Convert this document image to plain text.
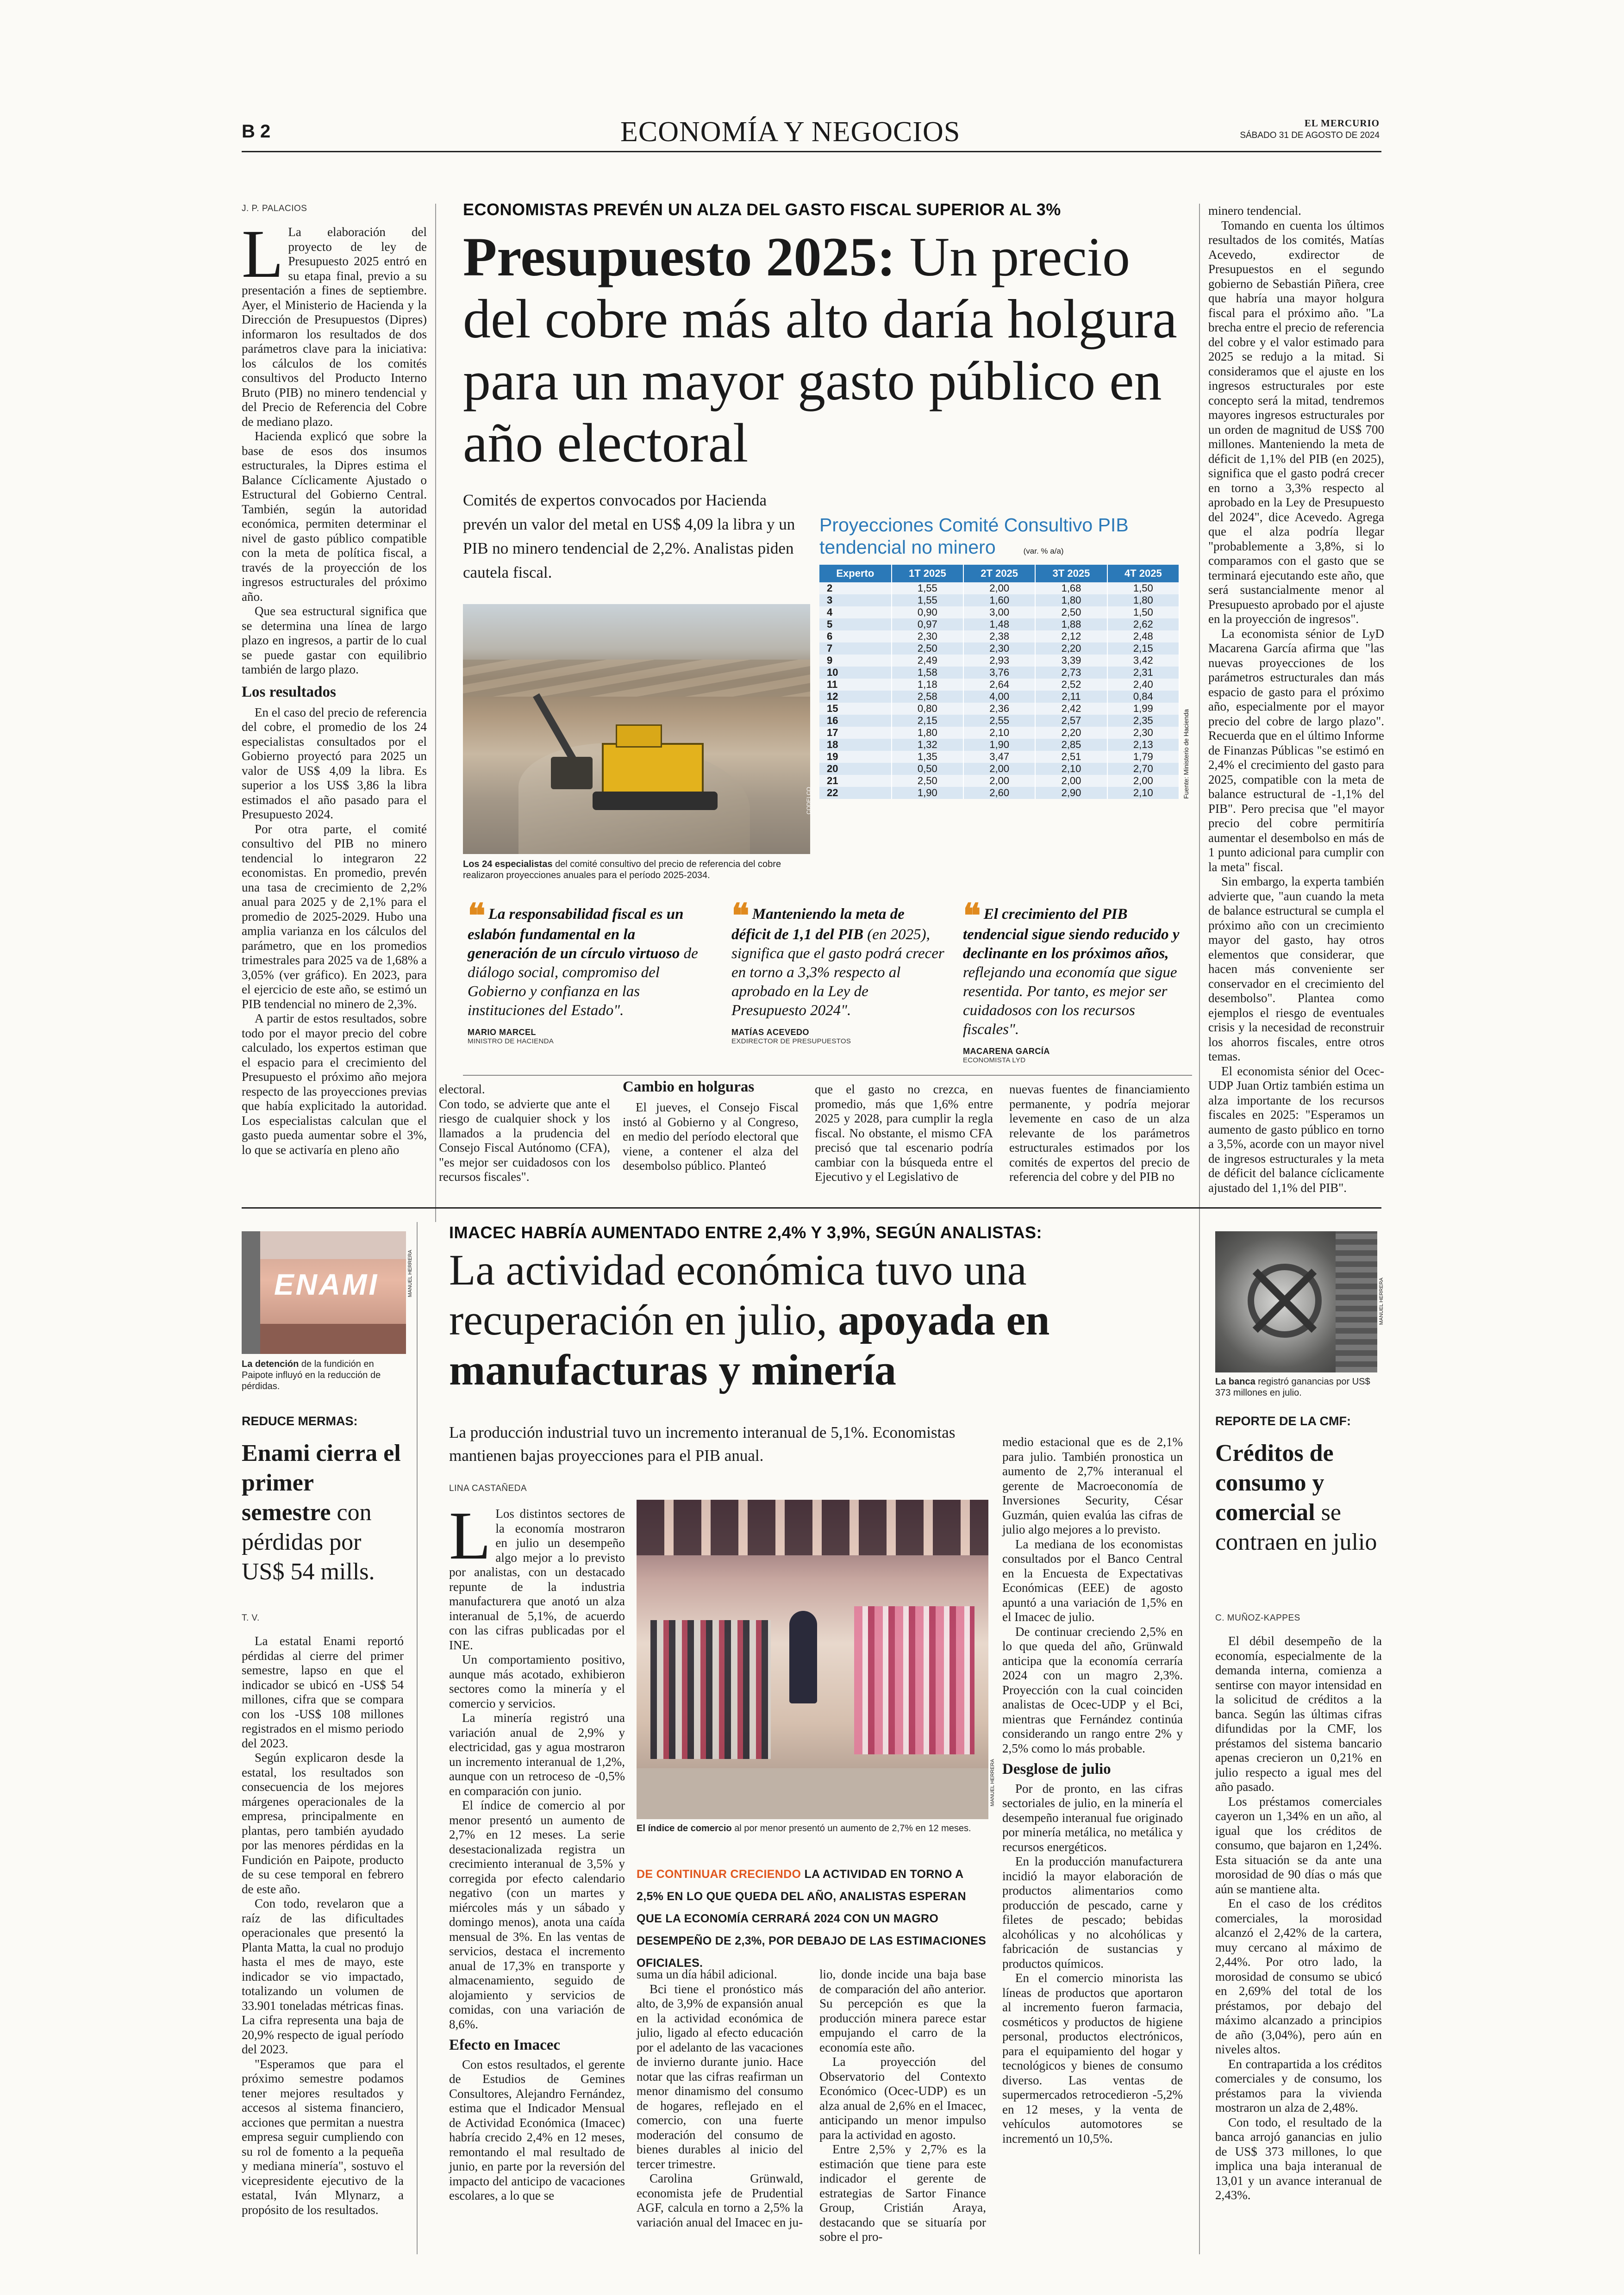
B 2	ECONOMÍA Y NEGOCIOS	EL MERCURIO
SÁBADO 31 DE AGOSTO DE 2024
J. P. PALACIOS

L La elaboración del proyecto de ley de Presupuesto 2025 entró en su etapa final, previo a su presentación a fines de septiembre. Ayer, el Ministerio de Hacienda y la Dirección de Presupuestos (Dipres) informaron los resultados de dos parámetros clave para la iniciativa: los cálculos de los comités consultivos del Producto Interno Bruto (PIB) no minero tendencial y del Precio de Referencia del Cobre de mediano plazo.

Hacienda explicó que sobre la base de esos dos insumos estructurales, la Dipres estima el Balance Cíclicamente Ajustado o Estructural del Gobierno Central. También, según la autoridad económica, permiten determinar el nivel de gasto público compatible con la meta de política fiscal, a través de la proyección de los ingresos estructurales del próximo año.

Que sea estructural significa que se determina una línea de largo plazo en ingresos, a partir de lo cual se puede gastar con equilibrio también de largo plazo.

Los resultados

En el caso del precio de referencia del cobre, el promedio de los 24 especialistas consultados por el Gobierno proyectó para 2025 un valor de US$ 4,09 la libra. Es superior a los US$ 3,86 la libra estimados el año pasado para el Presupuesto 2024.

Por otra parte, el comité consultivo del PIB no minero tendencial lo integraron 22 economistas. En promedio, prevén una tasa de crecimiento de 2,2% anual para 2025 y de 2,1% para el promedio de 2025-2029. Hubo una amplia varianza en los cálculos del parámetro, que en los promedios trimestrales para 2025 va de 1,68% a 3,05% (ver gráfico). En 2023, para el ejercicio de este año, se estimó un PIB tendencial no minero de 2,3%.

A partir de estos resultados, sobre todo por el mayor precio del cobre calculado, los expertos estiman que el espacio para el crecimiento del Presupuesto el próximo año mejora respecto de las proyecciones previas que había explicitado la autoridad. Los especialistas calculan que el gasto pueda aumentar sobre el 3%, lo que se activaría en pleno año

ECONOMISTAS PREVÉN UN ALZA DEL GASTO FISCAL SUPERIOR AL 3%
Presupuesto 2025: Un precio del cobre más alto daría holgura para un mayor gasto público en año electoral
Comités de expertos convocados por Hacienda prevén un valor del metal en US$ 4,09 la libra y un PIB no minero tendencial de 2,2%. Analistas piden cautela fiscal.
CODELCO
Los 24 especialistas del comité consultivo del precio de referencia del cobre realizaron proyecciones anuales para el período 2025-2034.
Proyecciones Comité Consultivo PIB
tendencial no minero	(var. % a/a)
Experto	1T 2025	2T 2025	3T 2025	4T 2025
2	1,55	2,00	1,68	1,50
3	1,55	1,60	1,80	1,80
4	0,90	3,00	2,50	1,50
5	0,97	1,48	1,88	2,62
6	2,30	2,38	2,12	2,48
7	2,50	2,30	2,20	2,15
9	2,49	2,93	3,39	3,42
10	1,58	3,76	2,73	2,31
11	1,18	2,64	2,52	2,40
12	2,58	4,00	2,11	0,84
15	0,80	2,36	2,42	1,99
16	2,15	2,55	2,57	2,35
17	1,80	2,10	2,20	2,30
18	1,32	1,90	2,85	2,13
19	1,35	3,47	2,51	1,79
20	0,50	2,00	2,10	2,70
21	2,50	2,00	2,00	2,00
22	1,90	2,60	2,90	2,10	Fuente: Ministerio de Hacienda
❝ La responsabilidad fiscal es un eslabón fundamental en la generación de un círculo virtuoso de diálogo social, compromiso del Gobierno y confianza en las instituciones del Estado".
MARIO MARCEL
MINISTRO DE HACIENDA
❝ Manteniendo la meta de déficit de 1,1 del PIB (en 2025), significa que el gasto podrá crecer en torno a 3,3% respecto al aprobado en la Ley de Presupuesto 2024".
MATÍAS ACEVEDO
EXDIRECTOR DE PRESUPUESTOS
❝ El crecimiento del PIB tendencial sigue siendo reducido y declinante en los próximos años, reflejando una economía que sigue resentida. Por tanto, es mejor ser cuidadosos con los recursos fiscales".
MACARENA GARCÍA
ECONOMISTA LYD
electoral.
Con todo, se advierte que ante el riesgo de cualquier shock y los llamados a la prudencia del Consejo Fiscal Autónomo (CFA), "es mejor ser cuidadosos con los recursos fiscales".
Cambio en holguras

El jueves, el Consejo Fiscal instó al Gobierno y al Congreso, en medio del período electoral que viene, a contener el alza del desembolso público. Planteó

que el gasto no crezca, en promedio, más que 1,6% entre 2025 y 2028, para cumplir la regla fiscal. No obstante, el mismo CFA precisó que tal escenario podría cambiar con la búsqueda entre el Ejecutivo y el Legislativo de
nuevas fuentes de financiamiento permanente, y podría mejorar levemente en caso de un alza relevante de los parámetros estructurales estimados por los comités de expertos del precio de referencia del cobre y del PIB no

minero tendencial.

Tomando en cuenta los últimos resultados de los comités, Matías Acevedo, exdirector de Presupuestos en el segundo gobierno de Sebastián Piñera, cree que habría una mayor holgura fiscal para el próximo año. "La brecha entre el precio de referencia del cobre y el valor estimado para 2025 se redujo a la mitad. Si consideramos que el ajuste en los ingresos estructurales por este concepto será la mitad, tendremos mayores ingresos estructurales por un orden de magnitud de US$ 700 millones. Manteniendo la meta de déficit de 1,1% del PIB (en 2025), significa que el gasto podrá crecer en torno a 3,3% respecto al aprobado en la Ley de Presupuesto del 2024", dice Acevedo. Agrega que el alza podría llegar "probablemente a 3,8%, si lo comparamos con el gasto que se terminará ejecutando este año, que será sustancialmente menor al Presupuesto aprobado por el ajuste en la proyección de ingresos".

La economista sénior de LyD Macarena García afirma que "las nuevas proyecciones de los parámetros estructurales dan más espacio de gasto para el próximo año, especialmente por el mayor precio del cobre de largo plazo". Recuerda que en el último Informe de Finanzas Públicas "se estimó en 2,4% el crecimiento del gasto para 2025, compatible con la meta de balance estructural de -1,1% del PIB". Pero precisa que "el mayor precio del cobre permitiría aumentar el desembolso en más de 1 punto adicional para cumplir con la meta" fiscal.

Sin embargo, la experta también advierte que, "aun cuando la meta de balance estructural se cumpla el próximo año con un crecimiento mayor del gasto, hay otros elementos que considerar, que hacen más conveniente ser conservador en el crecimiento del desembolso". Plantea como ejemplos el riesgo de eventuales crisis y la necesidad de reconstruir los ahorros fiscales, entre otros temas.

El economista sénior del Ocec-UDP Juan Ortiz también estima un alza importante de los recursos fiscales en 2025: "Esperamos un aumento de gasto público en torno a 3,5%, acorde con un mayor nivel de ingresos estructurales y la meta de déficit del balance cíclicamente ajustado del 1,1% del PIB".

ENAMI	MANUEL HERRERA
La detención de la fundición en Paipote influyó en la reducción de pérdidas.
REDUCE MERMAS:
Enami cierra el primer semestre con pérdidas por US$ 54 mills.
T. V.

La estatal Enami reportó pérdidas al cierre del primer semestre, lapso en que el indicador se ubicó en -US$ 54 millones, cifra que se compara con los -US$ 108 millones registrados en el mismo periodo del 2023.

Según explicaron desde la estatal, los resultados son consecuencia de los mejores márgenes operacionales de la empresa, principalmente en plantas, pero también ayudado por las menores pérdidas en la Fundición en Paipote, producto de su cese temporal en febrero de este año.

Con todo, revelaron que a raíz de las dificultades operacionales que presentó la Planta Matta, la cual no produjo hasta el mes de mayo, este indicador se vio impactado, totalizando un volumen de 33.901 toneladas métricas finas. La cifra representa una baja de 20,9% respecto de igual período del 2023.

"Esperamos que para el próximo semestre podamos tener mejores resultados y accesos al sistema financiero, acciones que permitan a nuestra empresa seguir cumpliendo con su rol de fomento a la pequeña y mediana minería", sostuvo el vicepresidente ejecutivo de la estatal, Iván Mlynarz, a propósito de los resultados.

IMACEC HABRÍA AUMENTADO ENTRE 2,4% Y 3,9%, SEGÚN ANALISTAS:
La actividad económica tuvo una recuperación en julio, apoyada en manufacturas y minería
La producción industrial tuvo un incremento interanual de 5,1%. Economistas mantienen bajas proyecciones para el PIB anual.
LINA CASTAÑEDA

L Los distintos sectores de la economía mostraron en julio un desempeño algo mejor a lo previsto por analistas, con un destacado repunte de la industria manufacturera que anotó un alza interanual de 5,1%, de acuerdo con las cifras publicadas por el INE.

Un comportamiento positivo, aunque más acotado, exhibieron sectores como la minería y el comercio y servicios.

La minería registró una variación anual de 2,9% y electricidad, gas y agua mostraron un incremento interanual de 1,2%, aunque con un retroceso de -0,5% en comparación con junio.

El índice de comercio al por menor presentó un aumento de 2,7% en 12 meses. La serie desestacionalizada registra un crecimiento interanual de 3,5% y corregida por efecto calendario negativo (con un martes y miércoles más y un sábado y domingo menos), anota una caída mensual de 3%. En las ventas de servicios, destaca el incremento anual de 17,3% en transporte y almacenamiento, seguido de alojamiento y servicios de comidas, con una variación de 8,6%.

Efecto en Imacec

Con estos resultados, el gerente de Estudios de Gemines Consultores, Alejandro Fernández, estima que el Indicador Mensual de Actividad Económica (Imacec) habría crecido 2,4% en 12 meses, remontando el mal resultado de junio, en parte por la reversión del impacto del anticipo de vacaciones escolares, a lo que se

MANUEL HERRERA
El índice de comercio al por menor presentó un aumento de 2,7% en 12 meses.
DE CONTINUAR CRECIENDO LA ACTIVIDAD EN TORNO A 2,5% EN LO QUE QUEDA DEL AÑO, ANALISTAS ESPERAN QUE LA ECONOMÍA CERRARÁ 2024 CON UN MAGRO DESEMPEÑO DE 2,3%, POR DEBAJO DE LAS ESTIMACIONES OFICIALES.

suma un día hábil adicional.

Bci tiene el pronóstico más alto, de 3,9% de expansión anual en la actividad económica de julio, ligado al efecto educación por el adelanto de las vacaciones de invierno durante junio. Hace notar que las cifras reafirman un menor dinamismo del consumo de hogares, reflejado en el comercio, con una fuerte moderación del consumo de bienes durables al inicio del tercer trimestre.

Carolina Grünwald, economista jefe de Prudential AGF, calcula en torno a 2,5% la variación anual del Imacec en ju-

lio, donde incide una baja base de comparación del año anterior. Su percepción es que la producción minera parece estar empujando el carro de la economía este año.

La proyección del Observatorio del Contexto Económico (Ocec-UDP) es un alza anual de 2,6% en el Imacec, anticipando un menor impulso para la actividad en agosto.

Entre 2,5% y 2,7% es la estimación que tiene para este indicador el gerente de estrategias de Sartor Finance Group, Cristián Araya, destacando que se situaría por sobre el pro-

medio estacional que es de 2,1% para julio. También pronostica un aumento de 2,7% interanual el gerente de Macroeconomía de Inversiones Security, César Guzmán, quien evalúa las cifras de julio algo mejores a lo previsto.

La mediana de los economistas consultados por el Banco Central en la Encuesta de Expectativas Económicas (EEE) de agosto apuntó a una variación de 1,5% en el Imacec de julio.

De continuar creciendo 2,5% en lo que queda del año, Grünwald anticipa que la economía cerraría 2024 con un magro 2,3%. Proyección con la cual coinciden analistas de Ocec-UDP y el Bci, mientras que Fernández continúa considerando un rango entre 2% y 2,5% como lo más probable.

Desglose de julio

Por de pronto, en las cifras sectoriales de julio, en la minería el desempeño interanual fue originado por minería metálica, no metálica y recursos energéticos.

En la producción manufacturera incidió la mayor elaboración de productos alimentarios como producción de pescado, carne y filetes de pescado; bebidas alcohólicas y no alcohólicas y fabricación de sustancias y productos químicos.

En el comercio minorista las líneas de productos que aportaron al incremento fueron farmacia, cosméticos y productos de higiene personal, productos electrónicos, para el equipamiento del hogar y tecnológicos y bienes de consumo diverso. Las ventas de supermercados retrocedieron -5,2% en 12 meses, y la venta de vehículos automotores se incrementó un 10,5%.

MANUEL HERRERA
La banca registró ganancias por US$ 373 millones en julio.
REPORTE DE LA CMF:
Créditos de consumo y comercial se contraen en julio
C. MUÑOZ-KAPPES

El débil desempeño de la economía, especialmente de la demanda interna, comienza a sentirse con mayor intensidad en la solicitud de créditos a la banca. Según las últimas cifras difundidas por la CMF, los préstamos del sistema bancario apenas crecieron un 0,21% en julio respecto a igual mes del año pasado.

Los préstamos comerciales cayeron un 1,34% en un año, al igual que los créditos de consumo, que bajaron en 1,24%. Esta situación se da ante una morosidad de 90 días o más que aún se mantiene alta.

En el caso de los créditos comerciales, la morosidad alcanzó el 2,42% de la cartera, muy cercano al máximo de 2,44%. Por otro lado, la morosidad de consumo se ubicó en 2,69% del total de los préstamos, por debajo del máximo alcanzado a principios de año (3,04%), pero aún en niveles altos.

En contrapartida a los créditos comerciales y de consumo, los préstamos para la vivienda mostraron un alza de 2,48%.

Con todo, el resultado de la banca arrojó ganancias en julio de US$ 373 millones, lo que implica una baja interanual de 13,01 y un avance interanual de 2,43%.
